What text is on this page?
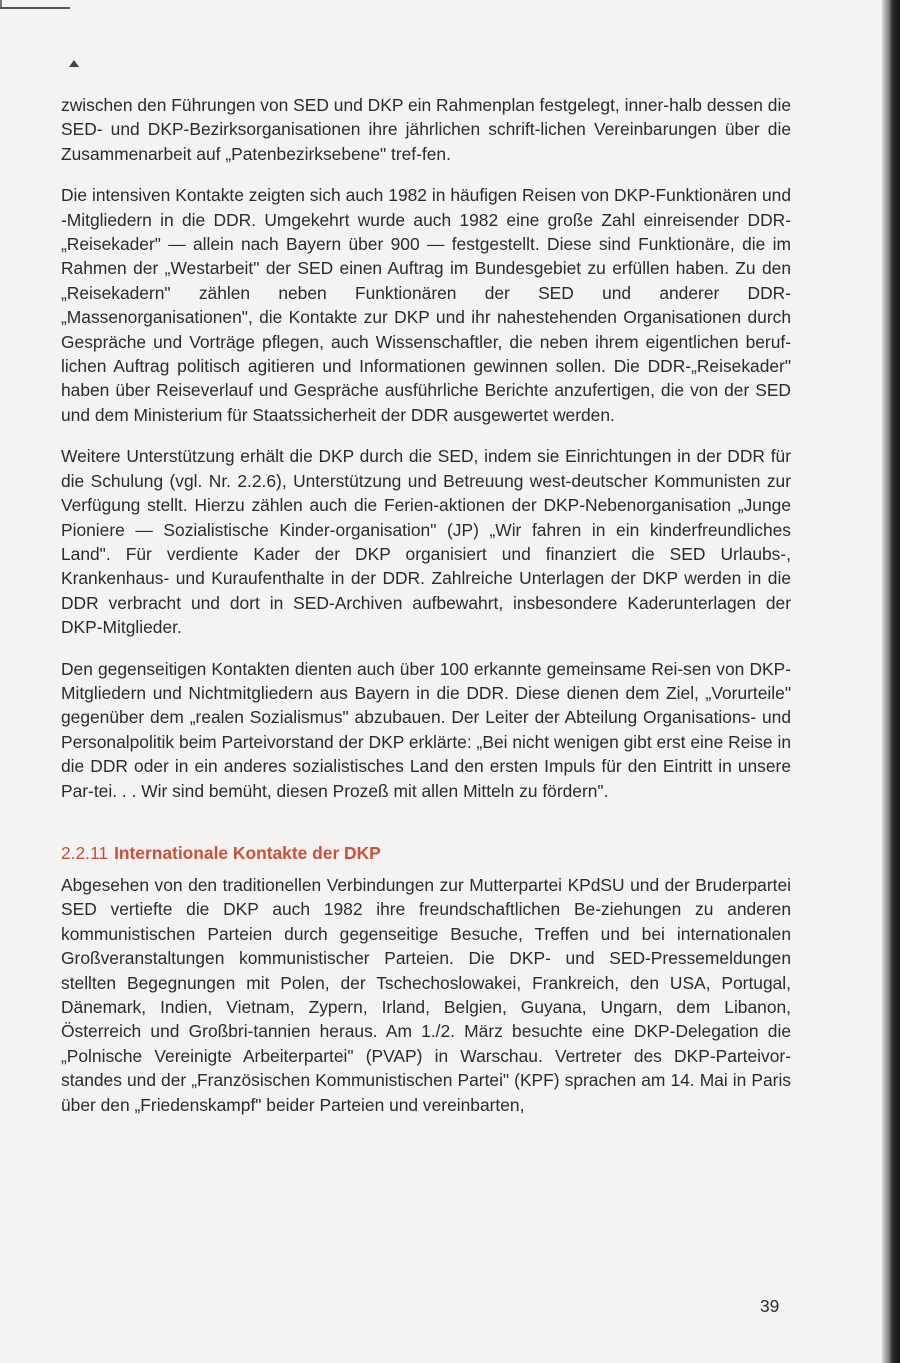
zwischen den Führungen von SED und DKP ein Rahmenplan festgelegt, inner-halb dessen die SED- und DKP-Bezirksorganisationen ihre jährlichen schrift-lichen Vereinbarungen über die Zusammenarbeit auf „Patenbezirksebene" tref-fen.

Die intensiven Kontakte zeigten sich auch 1982 in häufigen Reisen von DKP-Funktionären und -Mitgliedern in die DDR. Umgekehrt wurde auch 1982 eine große Zahl einreisender DDR-„Reisekader" — allein nach Bayern über 900 — festgestellt. Diese sind Funktionäre, die im Rahmen der „Westarbeit" der SED einen Auftrag im Bundesgebiet zu erfüllen haben. Zu den „Reisekadern" zählen neben Funktionären der SED und anderer DDR-„Massenorganisationen", die Kontakte zur DKP und ihr nahestehenden Organisationen durch Gespräche und Vorträge pflegen, auch Wissenschaftler, die neben ihrem eigentlichen beruf-lichen Auftrag politisch agitieren und Informationen gewinnen sollen. Die DDR-„Reisekader" haben über Reiseverlauf und Gespräche ausführliche Berichte anzufertigen, die von der SED und dem Ministerium für Staatssicherheit der DDR ausgewertet werden.

Weitere Unterstützung erhält die DKP durch die SED, indem sie Einrichtungen in der DDR für die Schulung (vgl. Nr. 2.2.6), Unterstützung und Betreuung west-deutscher Kommunisten zur Verfügung stellt. Hierzu zählen auch die Ferien-aktionen der DKP-Nebenorganisation „Junge Pioniere — Sozialistische Kinder-organisation" (JP) „Wir fahren in ein kinderfreundliches Land". Für verdiente Kader der DKP organisiert und finanziert die SED Urlaubs-, Krankenhaus- und Kuraufenthalte in der DDR. Zahlreiche Unterlagen der DKP werden in die DDR verbracht und dort in SED-Archiven aufbewahrt, insbesondere Kaderunterlagen der DKP-Mitglieder.

Den gegenseitigen Kontakten dienten auch über 100 erkannte gemeinsame Rei-sen von DKP-Mitgliedern und Nichtmitgliedern aus Bayern in die DDR. Diese dienen dem Ziel, „Vorurteile" gegenüber dem „realen Sozialismus" abzubauen. Der Leiter der Abteilung Organisations- und Personalpolitik beim Parteivorstand der DKP erklärte: „Bei nicht wenigen gibt erst eine Reise in die DDR oder in ein anderes sozialistisches Land den ersten Impuls für den Eintritt in unsere Par-tei. . . Wir sind bemüht, diesen Prozeß mit allen Mitteln zu fördern".

2.2.11 Internationale Kontakte der DKP

Abgesehen von den traditionellen Verbindungen zur Mutterpartei KPdSU und der Bruderpartei SED vertiefte die DKP auch 1982 ihre freundschaftlichen Be-ziehungen zu anderen kommunistischen Parteien durch gegenseitige Besuche, Treffen und bei internationalen Großveranstaltungen kommunistischer Parteien. Die DKP- und SED-Pressemeldungen stellten Begegnungen mit Polen, der Tschechoslowakei, Frankreich, den USA, Portugal, Dänemark, Indien, Vietnam, Zypern, Irland, Belgien, Guyana, Ungarn, dem Libanon, Österreich und Großbri-tannien heraus. Am 1./2. März besuchte eine DKP-Delegation die „Polnische Vereinigte Arbeiterpartei" (PVAP) in Warschau. Vertreter des DKP-Parteivor-standes und der „Französischen Kommunistischen Partei" (KPF) sprachen am 14. Mai in Paris über den „Friedenskampf" beider Parteien und vereinbarten,

39
